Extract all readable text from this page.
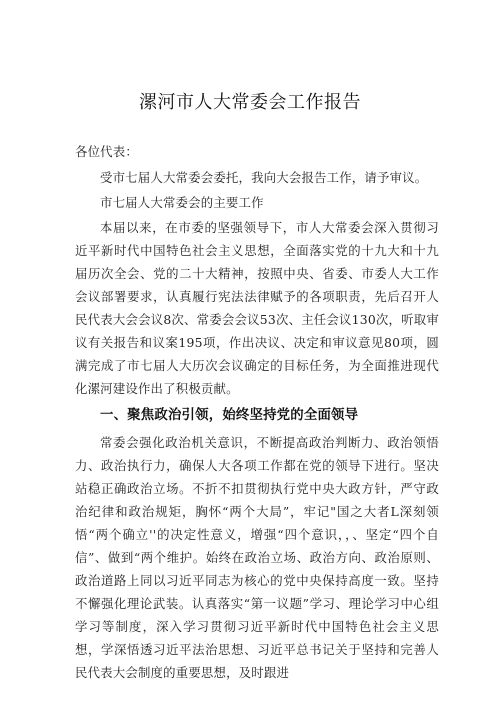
漯河市人大常委会工作报告

各位代表：

受市七届人大常委会委托，我向大会报告工作，请予审议。

市七届人大常委会的主要工作

本届以来，在市委的坚强领导下，市人大常委会深入贯彻习近平新时代中国特色社会主义思想，全面落实党的十九大和十九届历次全会、党的二十大精神，按照中央、省委、市委人大工作会议部署要求，认真履行宪法法律赋予的各项职责，先后召开人民代表大会会议8次、常委会会议53次、主任会议130次，听取审议有关报告和议案195项，作出决议、决定和审议意见80项，圆满完成了市七届人大历次会议确定的目标任务，为全面推进现代化漯河建设作出了积极贡献。

一、聚焦政治引领，始终坚持党的全面领导

常委会强化政治机关意识，不断提高政治判断力、政治领悟力、政治执行力，确保人大各项工作都在党的领导下进行。坚决站稳正确政治立场。不折不扣贯彻执行党中央大政方针，严守政治纪律和政治规矩，胸怀“两个大局”，牢记"国之大者L深刻领悟“两个确立''的决定性意义，增强“四个意识，，、坚定“四个自信”、做到“两个维护。始终在政治立场、政治方向、政治原则、政治道路上同以习近平同志为核心的党中央保持高度一致。坚持不懈强化理论武装。认真落实“第一议题”学习、理论学习中心组学习等制度，深入学习贯彻习近平新时代中国特色社会主义思想，学深悟透习近平法治思想、习近平总书记关于坚持和完善人民代表大会制度的重要思想，及时跟进
